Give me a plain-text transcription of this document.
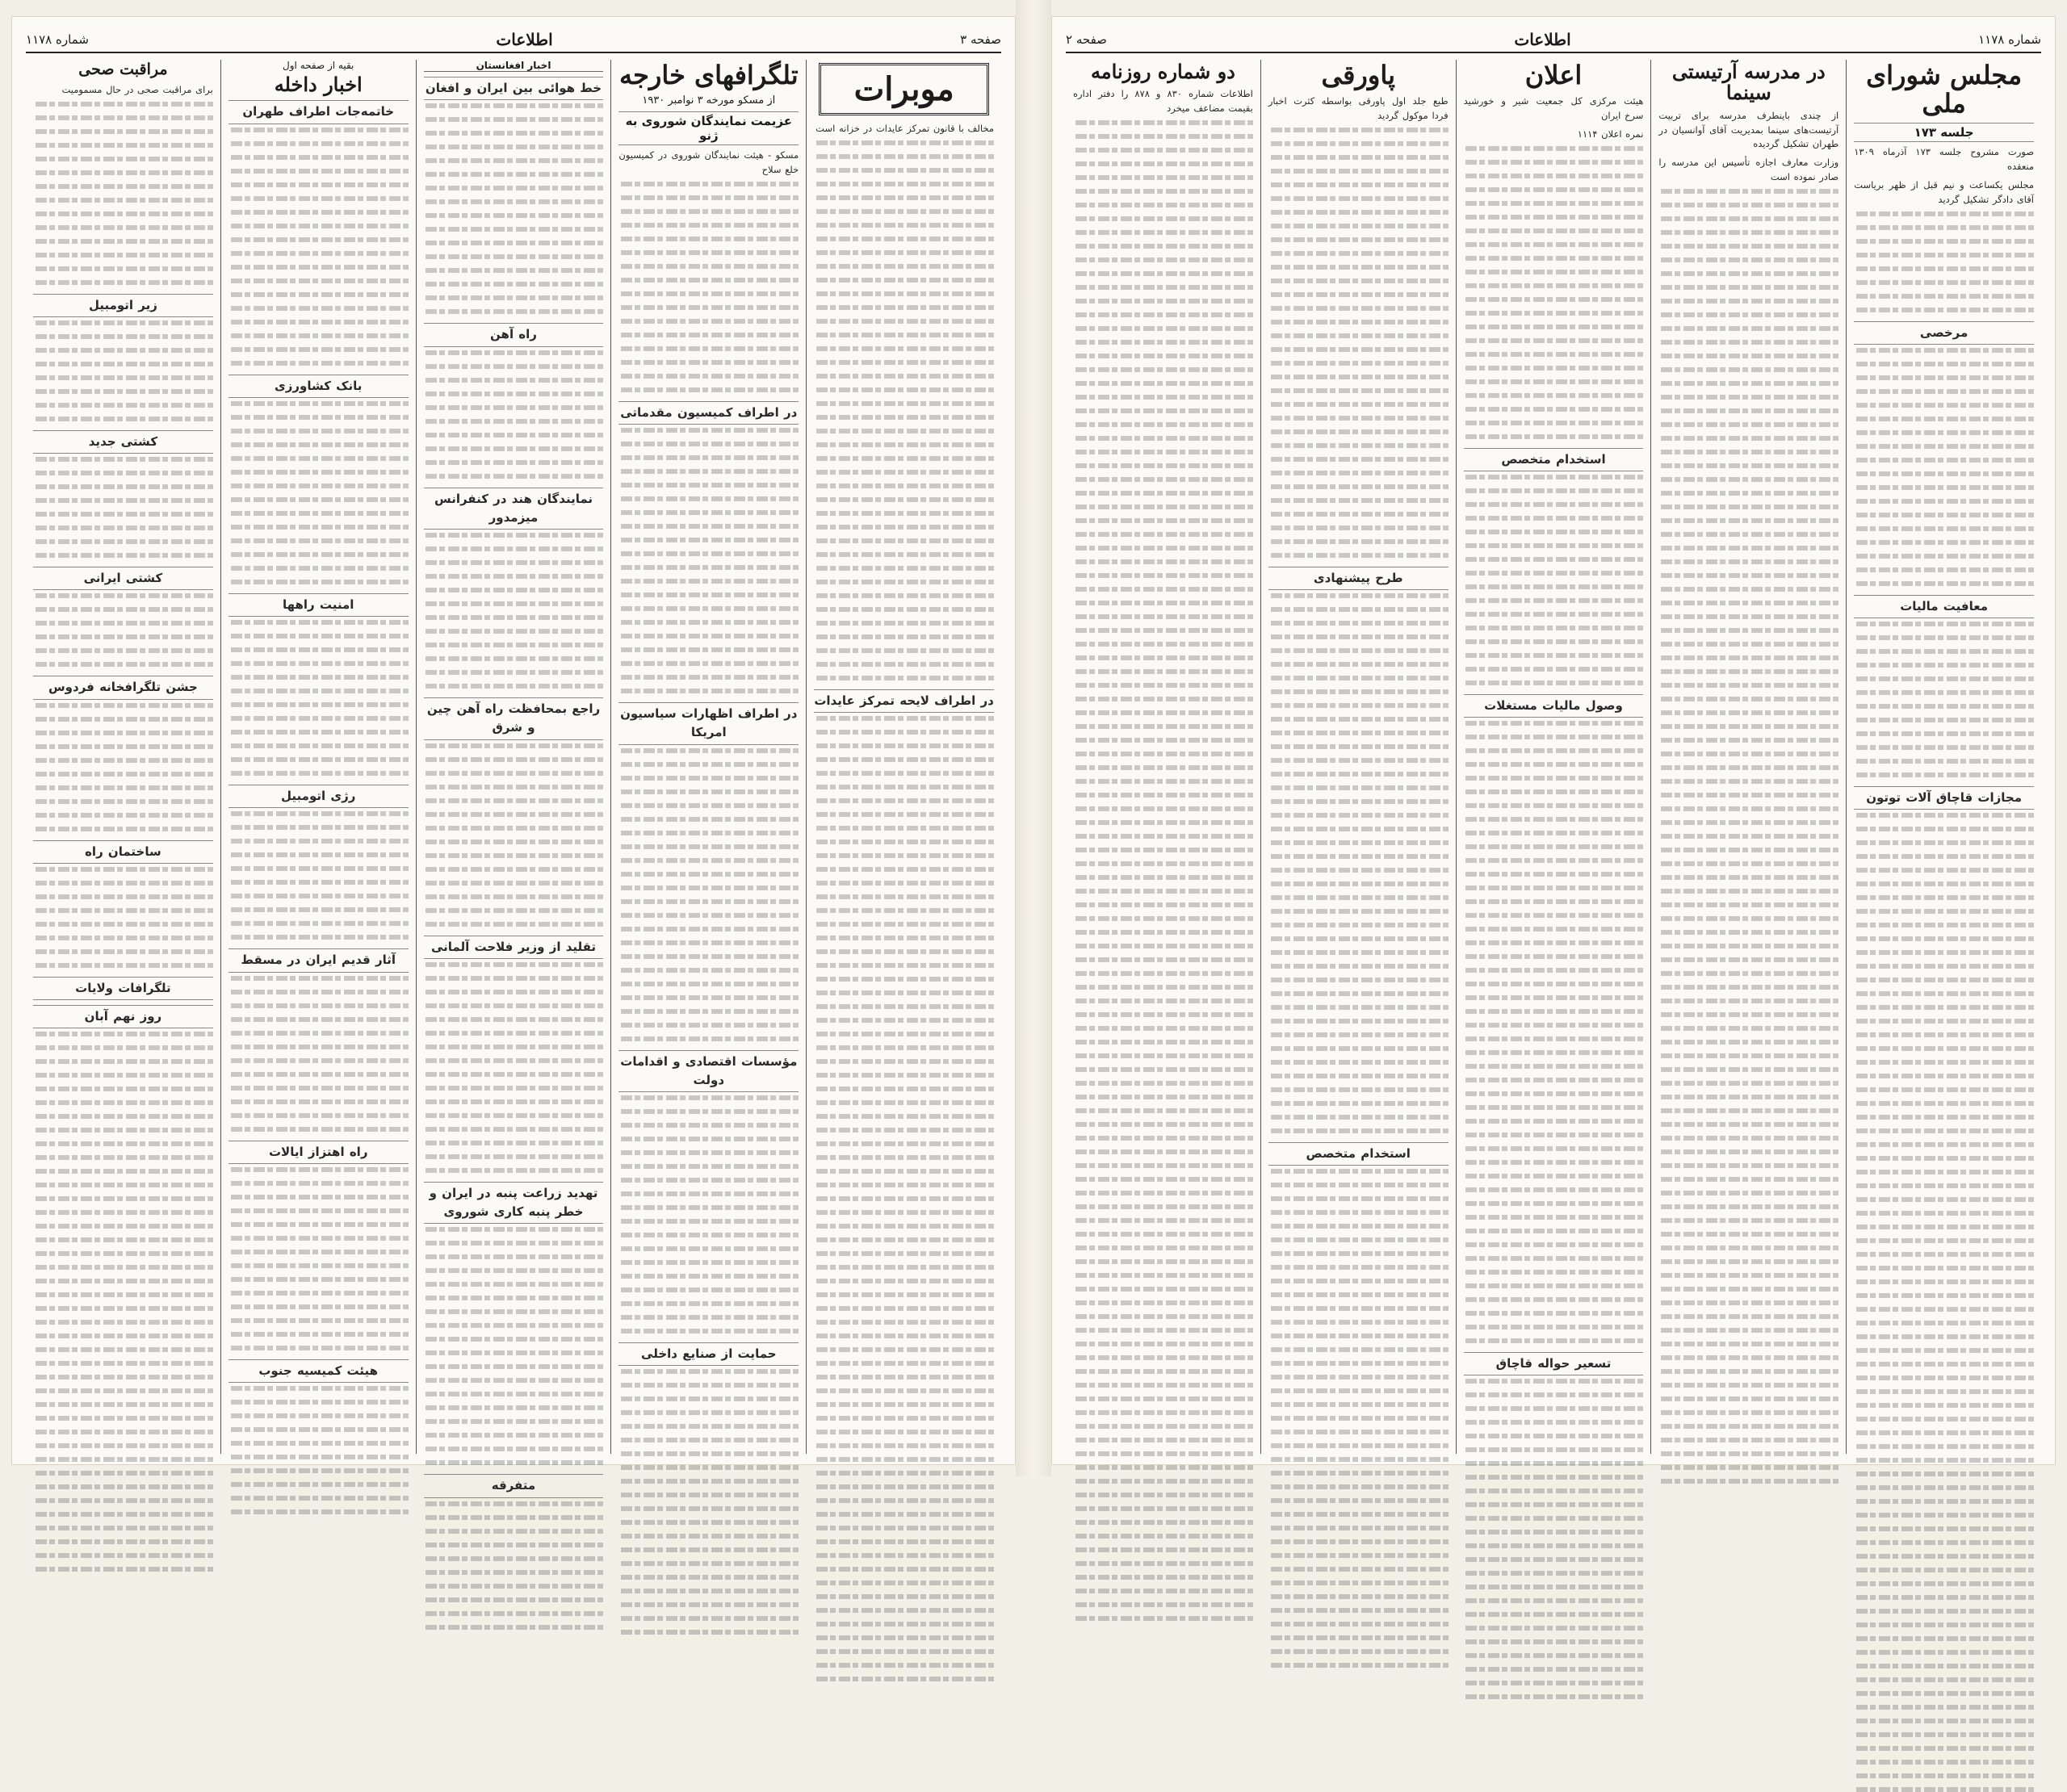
شماره ۱۱۷۸
اطلاعات
صفحه ۲
مجلس شورای ملی
جلسه ۱۷۳

صورت مشروح جلسه ۱۷۳ آذرماه ۱۳۰۹ منعقده

مجلس یکساعت و نیم قبل از ظهر بریاست آقای دادگر تشکیل گردید

مرخصی
معافیت مالیات
مجازات قاچاق آلات توتون
در مدرسه آرتیستی سینما

از چندی باینطرف مدرسه برای تربیت آرتیست‌های سینما بمدیریت آقای آوانسیان در طهران تشکیل گردیده

وزارت معارف اجازه تأسیس این مدرسه را صادر نموده است

اعلان

هیئت مرکزی کل جمعیت شیر و خورشید سرخ ایران

نمره اعلان ۱۱۱۴

استخدام متخصص
وصول مالیات مستغلات
تسعیر حواله قاچاق
پاورقی

طبع جلد اول پاورقی بواسطه کثرت اخبار فردا موکول گردید

طرح پیشنهادی
استخدام متخصص
دو شماره روزنامه

اطلاعات شماره ۸۳۰ و ۸۷۸ را دفتر اداره بقیمت مضاعف میخرد

صفحه ۳
اطلاعات
شماره ۱۱۷۸
موبرات

مخالف با قانون تمرکز عایدات در خزانه است

در اطراف لایحه تمرکز عایدات
تلگرافهای خارجه
از مسکو مورخه ۳ نوامبر ۱۹۳۰
عزیمت نمایندگان شوروی به ژنو

مسکو - هیئت نمایندگان شوروی در کمیسیون خلع سلاح

در اطراف کمیسیون مقدماتی
در اطراف اظهارات سیاسیون امریکا
مؤسسات اقتصادی و اقدامات دولت
حمایت از صنایع داخلی
اخبار افغانستان
خط هوائی بین ایران و افغان
راه آهن
نمایندگان هند در کنفرانس میزمدور
راجع بمحافظت راه آهن چین و شرق
تقلید از وزیر فلاحت آلمانی
تهدید زراعت پنبه در ایران و خطر پنبه کاری شوروی
متفرقه
بقیه از صفحه اول
اخبار داخله
خاتمه‌جات اطراف طهران
بانک کشاورزی
امنیت راهها
رژی اتومبیل
آثار قدیم ایران در مسقط
راه اهتزاز ایالات
هیئت کمیسیه جنوب
مراقبت صحی

برای مراقبت صحی در حال مسمومیت

زیر اتومبیل
کشتی جدید
کشتی ایرانی
جشن تلگرافخانه فردوس
ساختمان راه
تلگرافات ولایات
روز نهم آبان
